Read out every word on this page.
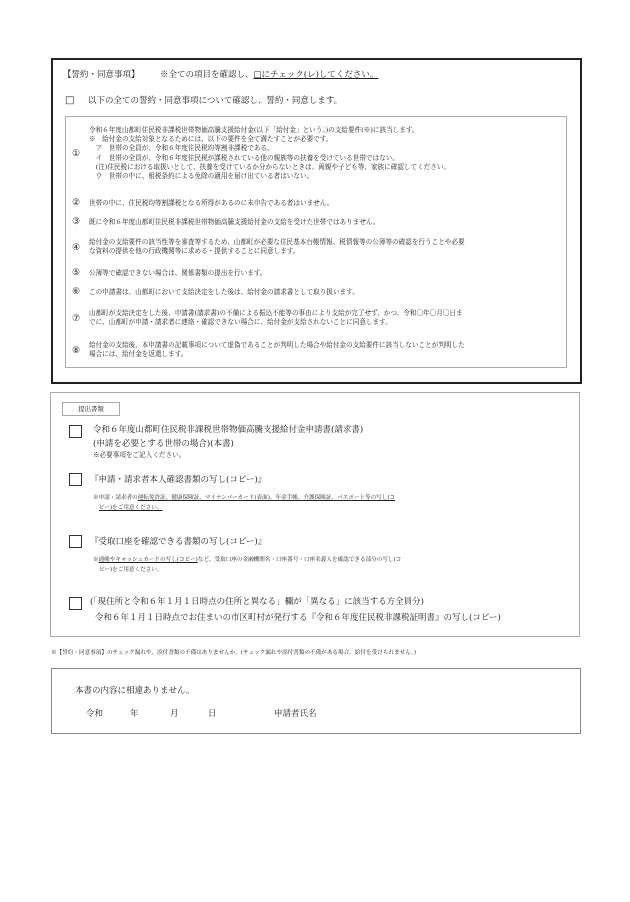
【誓約・同意事項】 ※全ての項目を確認し、□にチェック(レ)してください。
□ 以下の全ての誓約・同意事項について確認し、誓約・同意します。
①
令和６年度山都町住民税非課税世帯物価高騰支援給付金(以下「給付金」という。)の支給要件(※)に該当します。
※　給付金の支給対象となるためには、以下の要件を全て満たすことが必要です。
　ア　世帯の全員が、令和６年度住民税均等割非課税である。
　イ　世帯の全員が、令和６年度住民税が課税されている他の親族等の扶養を受けている世帯ではない。
　(注)住民税における取扱いとして、扶養を受けているか分からないときは、両親や子ども等、家族に確認してください。
　ウ　世帯の中に、租税条約による免除の適用を届け出ている者はいない。
② 世帯の中に、住民税均等割課税となる所得があるのに未申告である者はいません。
③ 既に令和６年度山都町住民税非課税世帯物価高騰支援給付金の支給を受けた世帯ではありません。
④
給付金の支給要件の該当性等を審査等するため、山都町が必要な住民基本台帳情報、税情報等の公簿等の確認を行うことや必要
な資料の提供を他の行政機関等に求める・提供することに同意します。
⑤ 公簿等で確認できない場合は、関係書類の提出を行います。
⑥ この申請書は、山都町において支給決定をした後は、給付金の請求書として取り扱います。
⑦
山都町が支給決定をした後、申請書(請求書)の不備による振込不能等の事由により支給が完了せず、かつ、令和〇年〇月〇日ま
でに、山都町が申請・請求者に連絡・確認できない場合に、給付金が支給されないことに同意します。
⑧
給付金の支給後、本申請書の記載事項について虚偽であることが判明した場合や給付金の支給要件に該当しないことが判明した
場合には、給付金を返還します。
提出書類
令和６年度山都町住民税非課税世帯物価高騰支援給付金申請書(請求書)
(申請を必要とする世帯の場合)(本書)
※必要事項をご記入ください。
『申請・請求者本人確認書類の写し(コピー)』
※申請・請求者の運転免許証、健康保険証、マイナンバーカード(表面)、年金手帳、介護保険証、パスポート等の写し(コ
ピー)をご用意ください。
『受取口座を確認できる書類の写し(コピー)』
※通帳やキャッシュカードの写し(コピー)など、受取口座の金融機関名・口座番号・口座名義人を確認できる部分の写し(コ
ピー)をご用意ください。
(「現住所と令和６年１月１日時点の住所と異なる」欄が「異なる」に該当する方全員分)
令和６年１月１日時点でお住まいの市区町村が発行する『令和６年度住民税非課税証明書』の写し(コピー)
※【誓約・同意事項】のチェック漏れや、添付書類の不備はありませんか。(チェック漏れや添付書類の不備がある場合、給付を受けられません。)
本書の内容に相違ありません。
令和	年	月	日	申請者氏名
